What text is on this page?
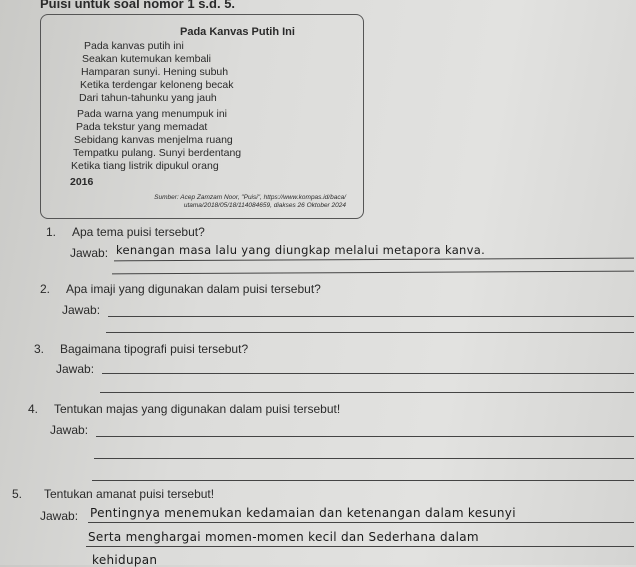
Puisi untuk soal nomor 1 s.d. 5.
Pada Kanvas Putih Ini
Pada kanvas putih ini
Seakan kutemukan kembali
Hamparan sunyi. Hening subuh
Ketika terdengar keloneng becak
Dari tahun-tahunku yang jauh
Pada warna yang menumpuk ini
Pada tekstur yang memadat
Sebidang kanvas menjelma ruang
Tempatku pulang. Sunyi berdentang
Ketika tiang listrik dipukul orang
2016
Sumber: Acep Zamzam Noor, "Puisi", https://www.kompas.id/baca/
utama/2018/05/18/114084659, diakses 26 Oktober 2024
1. Apa tema puisi tersebut?
Jawab: kenangan masa lalu yang diungkap melalui metapora kanva.
2. Apa imaji yang digunakan dalam puisi tersebut?
Jawab:
3. Bagaimana tipografi puisi tersebut?
Jawab:
4. Tentukan majas yang digunakan dalam puisi tersebut!
Jawab:
5. Tentukan amanat puisi tersebut!
Jawab: Pentingnya menemukan kedamaian dan ketenangan dalam kesunyi
Serta menghargai momen-momen kecil dan Sederhana dalam
kehidupan
